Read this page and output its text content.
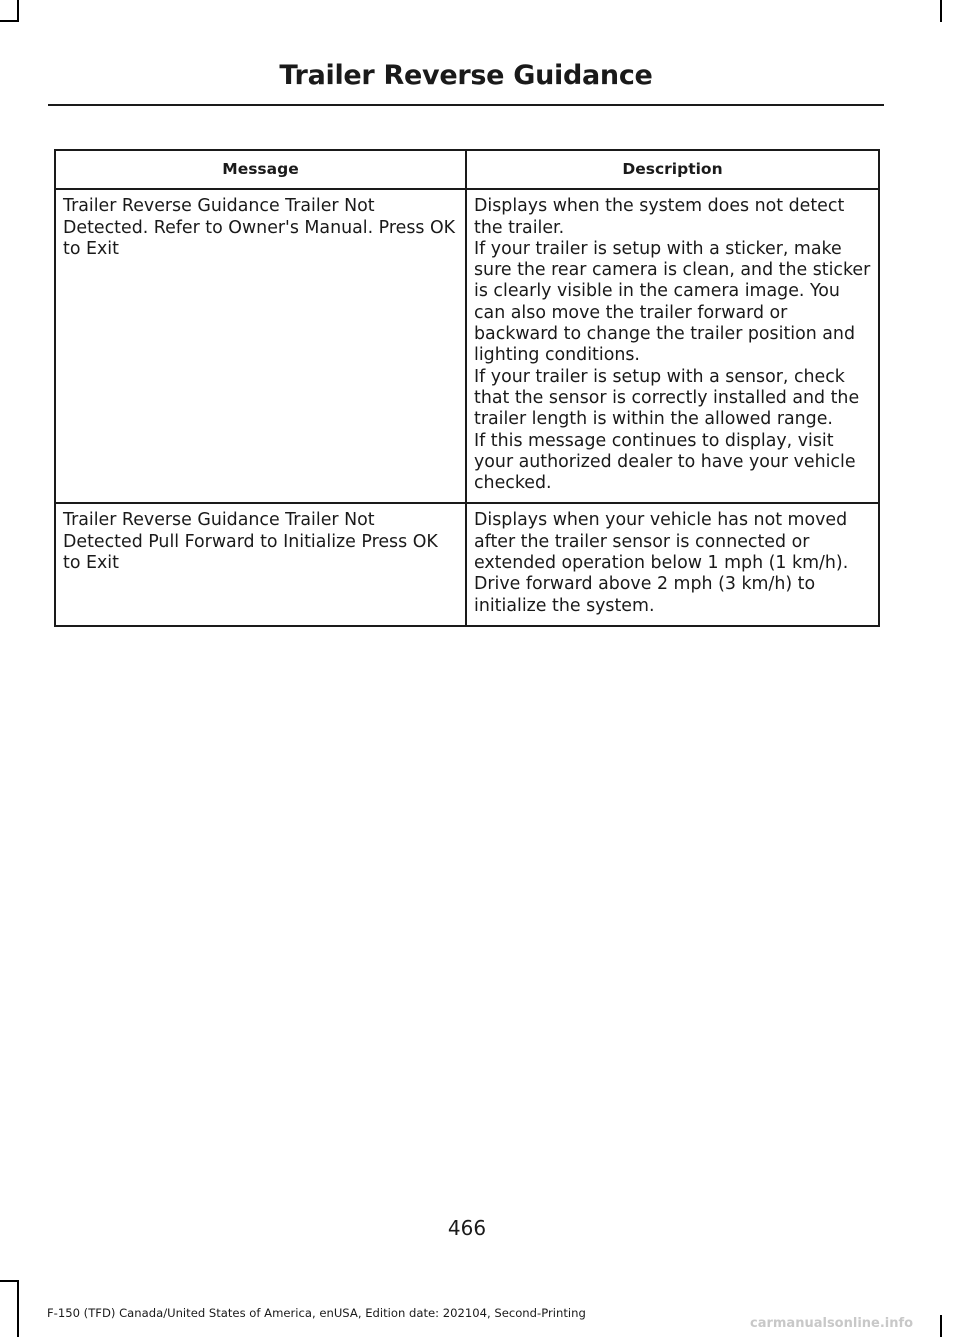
Trailer Reverse Guidance
Message	Description
Trailer Reverse Guidance Trailer Not Detected. Refer to Owner's Manual. Press OK to Exit	Displays when the system does not detect the trailer.
If your trailer is setup with a sticker, make sure the rear camera is clean, and the sticker is clearly visible in the camera image. You can also move the trailer forward or backward to change the trailer position and lighting conditions.
If your trailer is setup with a sensor, check that the sensor is correctly installed and the trailer length is within the allowed range.
If this message continues to display, visit your authorized dealer to have your vehicle checked.

Trailer Reverse Guidance Trailer Not Detected Pull Forward to Initialize Press OK to Exit	Displays when your vehicle has not moved after the trailer sensor is connected or extended operation below 1 mph (1 km/h).
Drive forward above 2 mph (3 km/h) to initialize the system.
466
F-150 (TFD) Canada/United States of America, enUSA, Edition date: 202104, Second-Printing
carmanualsonline.info
